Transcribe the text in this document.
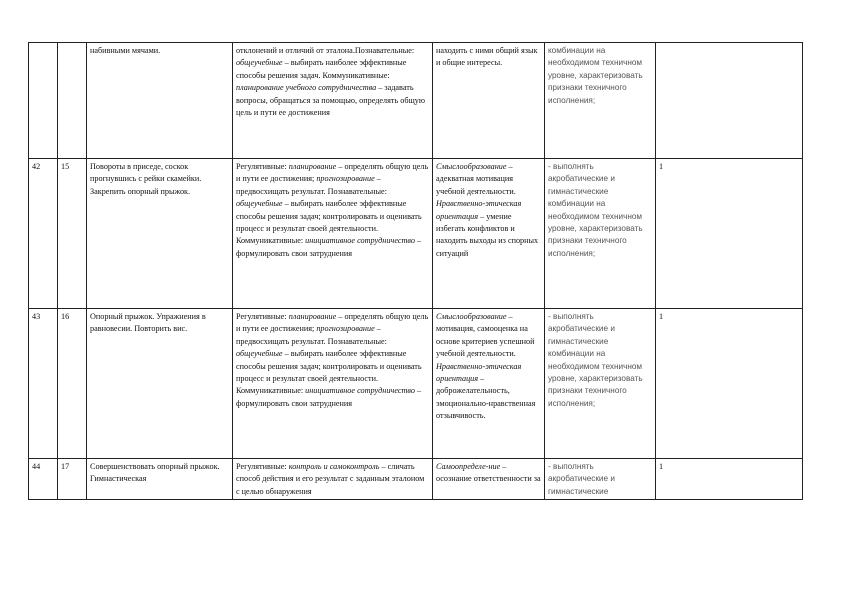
		набивными мячами.	отклонений и отличий от эталона.Познавательные: общеучебные – выбирать наиболее эффективные способы решения задач. Коммуникативные: планирование учебного сотрудничества – задавать вопросы, обращаться за помощью, определять общую цель и пути ее достижения	находить с ними общий язык и общие интересы.	комбинации на необходимом техничном уровне, характеризовать признаки техничного исполнения;	
42	15	Повороты в приседе, соскок прогнувшись с рейки скамейки. Закрепить опорный прыжок.	Регулятивные: планирование – определять общую цель и пути ее достижения; прогнозирование – предвосхищать результат. Познавательные: общеучебные – выбирать наиболее эффективные способы решения задач; контролировать и оценивать процесс и результат своей деятельности. Коммуникативные: инициативное сотрудничество – формулировать свои затруднения	Смыслообразование – адекватная мотивация учебной деятельности. Нравственно-этическая ориентация – умение избегать конфликтов и находить выходы из спорных ситуаций	- выполнять акробатические и гимнастические комбинации на необходимом техничном уровне, характеризовать признаки техничного исполнения;	1
43	16	Опорный прыжок. Упражнения в равновесии. Повторить вис.	Регулятивные: планирование – определять общую цель и пути ее достижения; прогнозирование – предвосхищать результат. Познавательные: общеучебные – выбирать наиболее эффективные способы решения задач; контролировать и оценивать процесс и результат своей деятельности. Коммуникативные: инициативное сотрудничество – формулировать свои затруднения	Смыслообразование – мотивация, самооценка на основе критериев успешной учебной деятельности. Нравственно-этическая ориентация – доброжелательность, эмоционально-нравственная отзывчивость.	- выполнять акробатические и гимнастические комбинации на необходимом техничном уровне, характеризовать признаки техничного исполнения;	1
44	17	Совершенствовать опорный прыжок. Гимнастическая	Регулятивные: контроль и самоконтроль – сличать способ действия и его результат с заданным эталоном с целью обнаружения	Самоопределе-ние – осознание ответственности за	- выполнять акробатические и гимнастические	1
